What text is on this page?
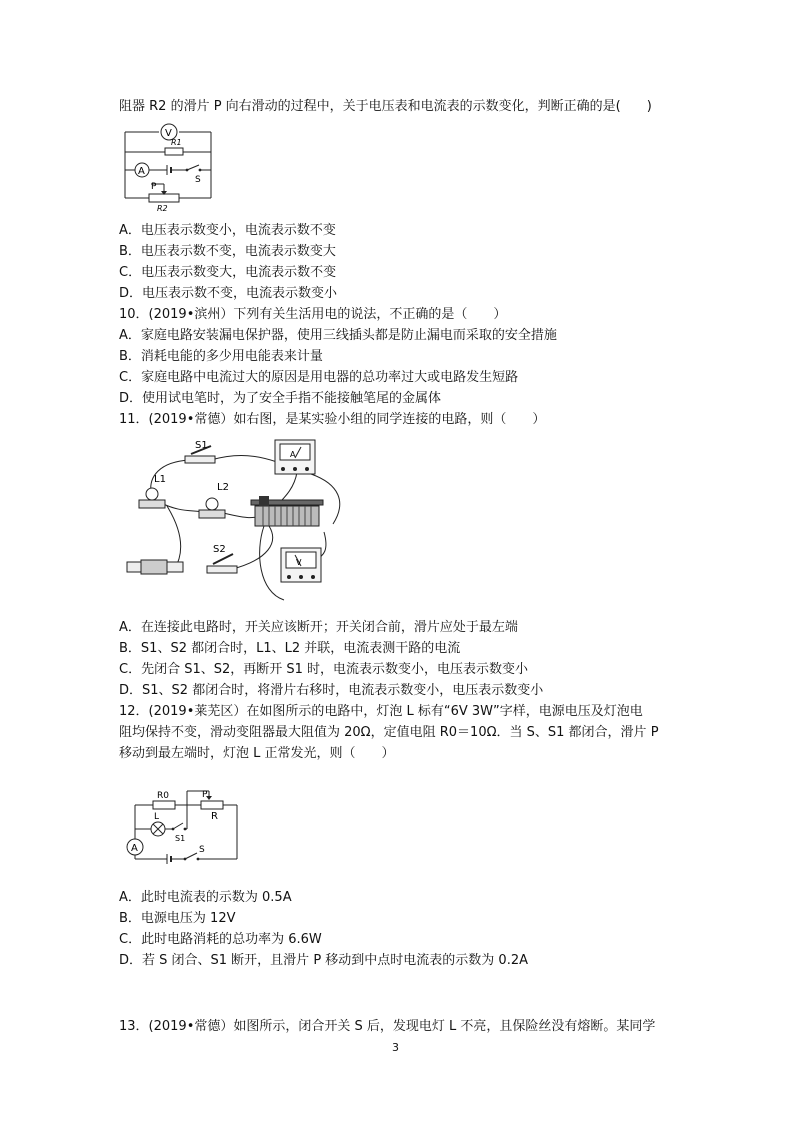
阻器 R2 的滑片 P 向右滑动的过程中，关于电压表和电流表的示数变化，判断正确的是(　　)
V
A
R1
S
P
R2
A．电压表示数变小，电流表示数不变
B．电压表示数不变，电流表示数变大
C．电压表示数变大，电流表示数不变
D．电压表示数不变，电流表示数变小
10．(2019•滨州）下列有关生活用电的说法，不正确的是（　　）
A．家庭电路安装漏电保护器，使用三线插头都是防止漏电而采取的安全措施
B．消耗电能的多少用电能表来计量
C．家庭电路中电流过大的原因是用电器的总功率过大或电路发生短路
D．使用试电笔时，为了安全手指不能接触笔尾的金属体
11．(2019•常德）如右图，是某实验小组的同学连接的电路，则（　　）
S1
L1
L2
S2
A
V
A．在连接此电路时，开关应该断开；开关闭合前，滑片应处于最左端
B．S1、S2 都闭合时，L1、L2 并联，电流表测干路的电流
C．先闭合 S1、S2，再断开 S1 时，电流表示数变小，电压表示数变小
D．S1、S2 都闭合时，将滑片右移时，电流表示数变小，电压表示数变小
12．(2019•莱芜区）在如图所示的电路中，灯泡 L 标有“6V 3W”字样，电源电压及灯泡电
阻均保持不变，滑动变阻器最大阻值为 20Ω，定值电阻 R0＝10Ω．当 S、S1 都闭合，滑片 P
移动到最左端时，灯泡 L 正常发光，则（　　）
R0	P
R
L
S1
A	S
A．此时电流表的示数为 0.5A
B．电源电压为 12V
C．此时电路消耗的总功率为 6.6W
D．若 S 闭合、S1 断开，且滑片 P 移动到中点时电流表的示数为 0.2A
13．(2019•常德）如图所示，闭合开关 S 后，发现电灯 L 不亮，且保险丝没有熔断。某同学
3
